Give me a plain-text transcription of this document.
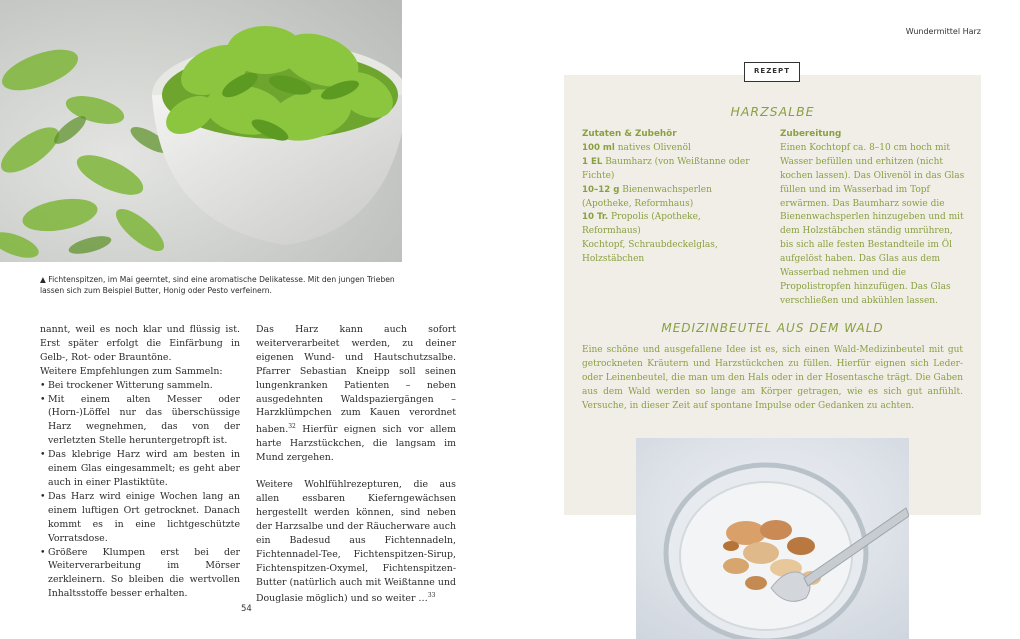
▲ Fichtenspitzen, im Mai geerntet, sind eine aromatische Delikatesse. Mit den jungen Trieben lassen sich zum Beispiel Butter, Honig oder Pesto verfeinern.

nannt, weil es noch klar und flüssig ist. Erst später erfolgt die Einfärbung in Gelb-, Rot- oder Brauntöne.

Weitere Empfehlungen zum Sammeln:

• Bei trockener Witterung sammeln.
• Mit einem alten Messer oder (Horn-)Löffel nur das überschüssige Harz wegnehmen, das von der verletzten Stelle heruntergetropft ist.
• Das klebrige Harz wird am besten in einem Glas eingesammelt; es geht aber auch in einer Plastiktüte.
• Das Harz wird einige Wochen lang an einem luftigen Ort getrocknet. Danach kommt es in eine lichtgeschützte Vorratsdose.
• Größere Klumpen erst bei der Weiterverarbeitung im Mörser zerkleinern. So bleiben die wertvollen Inhaltsstoffe besser erhalten.

Das Harz kann auch sofort weiterverarbeitet werden, zu deiner eigenen Wund- und Hautschutzsalbe. Pfarrer Sebastian Kneipp soll seinen lungenkranken Patienten – neben ausgedehnten Waldspaziergängen – Harzklümpchen zum Kauen verordnet haben.$^{32}$ Hierfür eignen sich vor allem harte Harzstückchen, die langsam im Mund zergehen.

Weitere Wohlfühlrezepturen, die aus allen essbaren Kieferngewächsen hergestellt werden können, sind neben der Harzsalbe und der Räucherware auch ein Badesud aus Fichtennadeln, Fichtennadel-Tee, Fichtenspitzen-Sirup, Fichtenspitzen-Oxymel, Fichtenspitzen-Butter (natürlich auch mit Weißtanne und Douglasie möglich) und so weiter …$^{33}$

54
Wundermittel Harz
REZEPT
HARZSALBE
Zutaten & Zubehör

100 ml natives Olivenöl

1 EL Baumharz (von Weißtanne oder Fichte)

10–12 g Bienenwachsperlen (Apotheke, Reformhaus)

10 Tr. Propolis (Apotheke, Reformhaus)

Kochtopf, Schraubdeckelglas, Holzstäbchen

Zubereitung

Einen Kochtopf ca. 8–10 cm hoch mit Wasser befüllen und erhitzen (nicht kochen lassen). Das Olivenöl in das Glas füllen und im Wasserbad im Topf erwärmen. Das Baumharz sowie die Bienenwachsperlen hinzugeben und mit dem Holzstäbchen ständig umrühren, bis sich alle festen Bestandteile im Öl aufgelöst haben. Das Glas aus dem Wasserbad nehmen und die Propolistropfen hinzufügen. Das Glas verschließen und abkühlen lassen.

MEDIZINBEUTEL AUS DEM WALD

Eine schöne und ausgefallene Idee ist es, sich einen Wald-Medizinbeutel mit gut getrockneten Kräutern und Harzstückchen zu füllen. Hierfür eignen sich Leder- oder Leinenbeutel, die man um den Hals oder in der Hosentasche trägt. Die Gaben aus dem Wald werden so lange am Körper getragen, wie es sich gut anfühlt. Versuche, in dieser Zeit auf spontane Impulse oder Gedanken zu achten.
